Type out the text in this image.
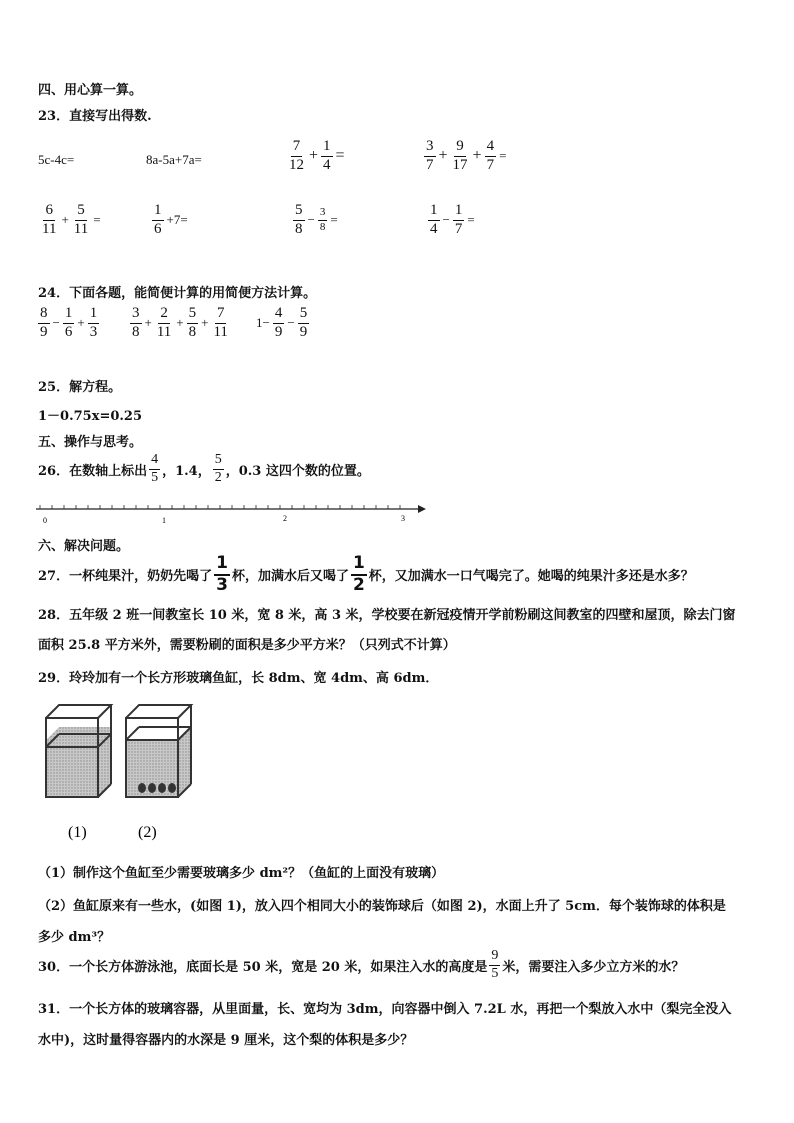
四、用心算一算。
23．直接写出得数.
5c-4c=	8a-5a+7a=	$\frac{7}{12} + \frac{1}{4}$ =	$\frac{3}{7} + \frac{9}{17} + \frac{4}{7}$ =
$\frac{6}{11} + \frac{5}{11}$ =	$\frac{1}{6} +7=$	$\frac{5}{8} - \frac{3}{8}$ =	$\frac{1}{4} - \frac{1}{7}$ =
24．下面各题，能简便计算的用简便方法计算。
$\frac{8}{9} - \frac{1}{6} + \frac{1}{3} \frac{3}{8} + \frac{2}{11} + \frac{5}{8} + \frac{7}{11} 1- \frac{4}{9} - \frac{5}{9}$
25．解方程。
1－0.75x=0.25
五、操作与思考。
26．在数轴上标出 $\frac{4}{5}$ ，1.4， $\frac{5}{2}$ ，0.3 这四个数的位置。
0	1	2	3
六、解决问题。
27．一杯纯果汁，奶奶先喝了 $\frac{1}{3}$ 杯，加满水后又喝了 $\frac{1}{2}$ 杯，又加满水一口气喝完了。她喝的纯果汁多还是水多？
28．五年级 2 班一间教室长 10 米，宽 8 米，高 3 米，学校要在新冠疫情开学前粉刷这间教室的四壁和屋顶，除去门窗
面积 25.8 平方米外，需要粉刷的面积是多少平方米？（只列式不计算）
29．玲玲加有一个长方形玻璃鱼缸，长 8dm、宽 4dm、高 6dm．
(1)	(2)
（1）制作这个鱼缸至少需要玻璃多少 dm²？（鱼缸的上面没有玻璃）
（2）鱼缸原来有一些水，(如图 1)，放入四个相同大小的装饰球后（如图 2)，水面上升了 5cm．每个装饰球的体积是
多少 dm³？
30．一个长方体游泳池，底面长是 50 米，宽是 20 米，如果注入水的高度是 $\frac{9}{5}$ 米，需要注入多少立方米的水？
31．一个长方体的玻璃容器，从里面量，长、宽均为 3dm，向容器中倒入 7.2L 水，再把一个梨放入水中（梨完全没入
水中)，这时量得容器内的水深是 9 厘米，这个梨的体积是多少？
